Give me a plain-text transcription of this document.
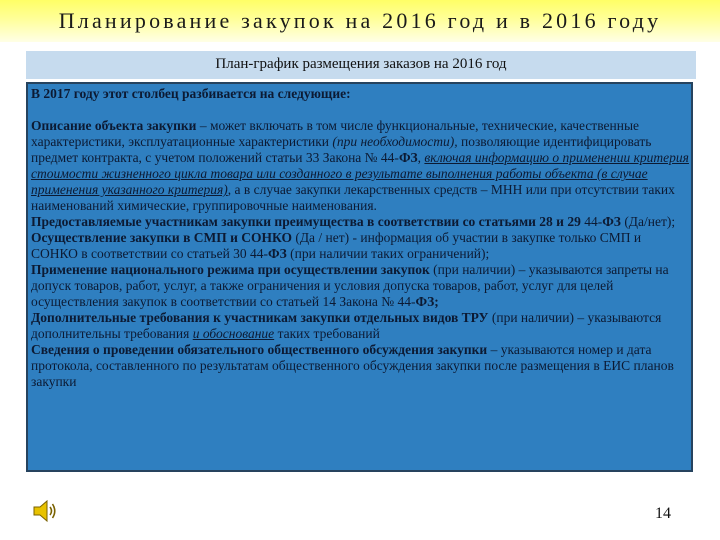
Планирование закупок на 2016 год и в 2016 году
План-график размещения заказов на 2016 год

В 2017 году этот столбец разбивается на следующие:

Описание объекта закупки – может включать в том числе функциональные, технические, качественные характеристики, эксплуатационные характеристики (при необходимости), позволяющие идентифицировать предмет контракта, с учетом положений статьи 33 Закона № 44-ФЗ, включая информацию о применении критерия стоимости жизненного цикла товара или созданного в результате выполнения работы объекта (в случае применения указанного критерия), а в случае закупки лекарственных средств – МНН или при отсутствии таких наименований химические, группировочные наименования.

Предоставляемые участникам закупки преимущества в соответствии со статьями 28 и 29 44-ФЗ (Да/нет);

Осуществление закупки в СМП и СОНКО (Да / нет) - информация об участии в закупке только СМП и СОНКО в соответствии со статьей 30 44-ФЗ (при наличии таких ограничений);

Применение национального режима при осуществлении закупок (при наличии) – указываются запреты на допуск товаров, работ, услуг, а также ограничения и условия допуска товаров, работ, услуг для целей осуществления закупок в соответствии со статьей 14 Закона № 44-ФЗ;

Дополнительные требования к участникам закупки отдельных видов ТРУ (при наличии) – указываются дополнительны требования и обоснование таких требований

Сведения о проведении обязательного общественного обсуждения закупки – указываются номер и дата протокола, составленного по результатам общественного обсуждения закупки после размещения в ЕИС планов закупки

14
